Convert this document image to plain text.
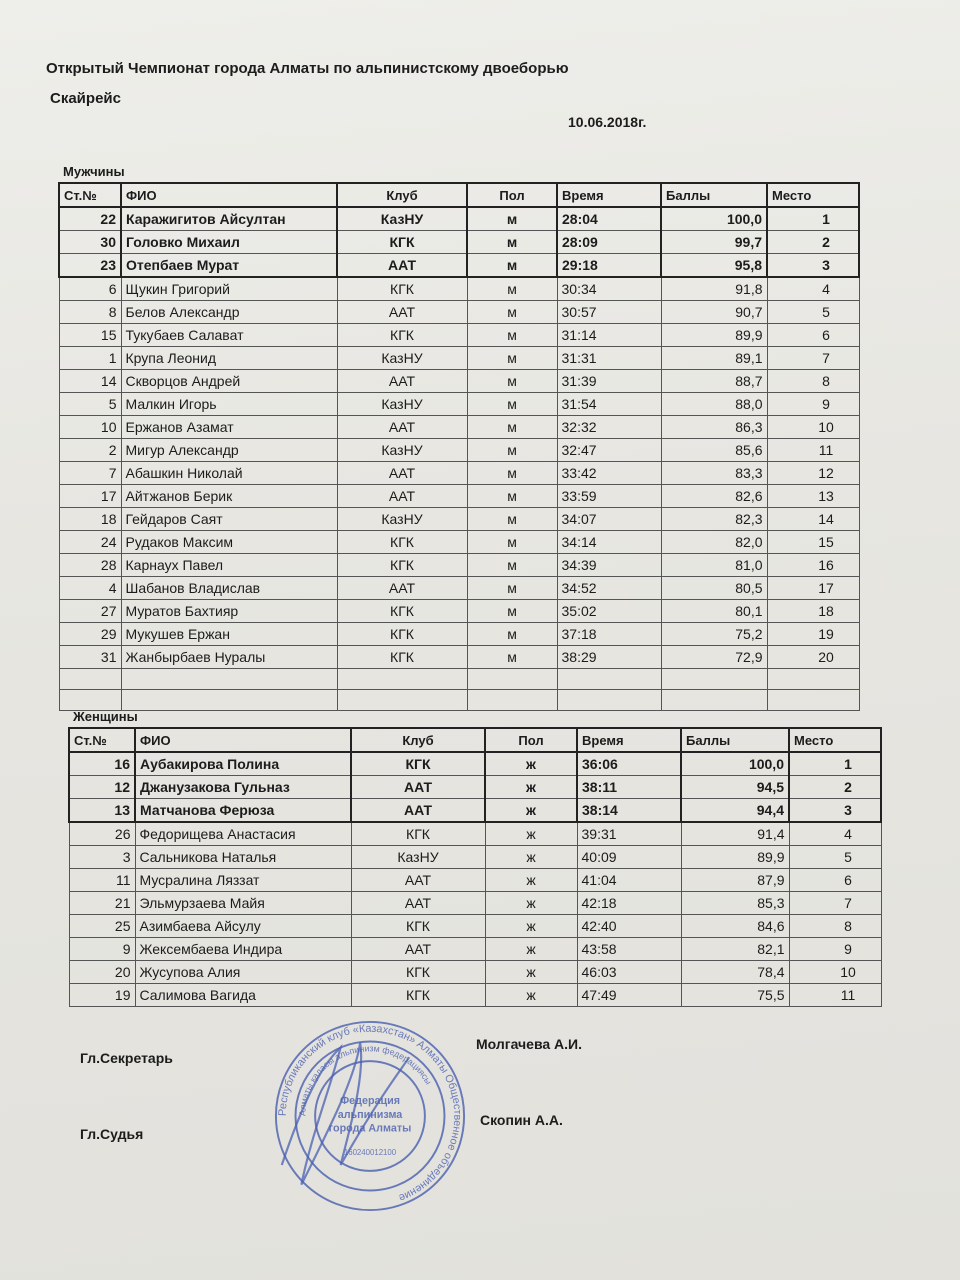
Открытый Чемпионат города Алматы по альпинистскому двоеборью
Скайрейс
10.06.2018г.
Мужчины						
Ст.№	ФИО	Клуб	Пол	Время	Баллы	Место
22	Каражигитов Айсултан	КазНУ	м	28:04	100,0	1
30	Головко Михаил	КГК	м	28:09	99,7	2
23	Отепбаев Мурат	ААТ	м	29:18	95,8	3
6	Щукин Григорий	КГК	м	30:34	91,8	4
8	Белов Александр	ААТ	м	30:57	90,7	5
15	Тукубаев Салават	КГК	м	31:14	89,9	6
1	Крупа Леонид	КазНУ	м	31:31	89,1	7
14	Скворцов Андрей	ААТ	м	31:39	88,7	8
5	Малкин Игорь	КазНУ	м	31:54	88,0	9
10	Ержанов Азамат	ААТ	м	32:32	86,3	10
2	Мигур Александр	КазНУ	м	32:47	85,6	11
7	Абашкин Николай	ААТ	м	33:42	83,3	12
17	Айтжанов Берик	ААТ	м	33:59	82,6	13
18	Гейдаров Саят	КазНУ	м	34:07	82,3	14
24	Рудаков Максим	КГК	м	34:14	82,0	15
28	Карнаух Павел	КГК	м	34:39	81,0	16
4	Шабанов Владислав	ААТ	м	34:52	80,5	17
27	Муратов Бахтияр	КГК	м	35:02	80,1	18
29	Мукушев Ержан	КГК	м	37:18	75,2	19
31	Жанбырбаев Нуралы	КГК	м	38:29	72,9	20

Женщины						
Ст.№	ФИО	Клуб	Пол	Время	Баллы	Место
16	Аубакирова Полина	КГК	ж	36:06	100,0	1
12	Джанузакова Гульназ	ААТ	ж	38:11	94,5	2
13	Матчанова Ферюза	ААТ	ж	38:14	94,4	3
26	Федорищева Анастасия	КГК	ж	39:31	91,4	4
3	Сальникова Наталья	КазНУ	ж	40:09	89,9	5
11	Мусралина Ляззат	ААТ	ж	41:04	87,9	6
21	Эльмурзаева Майя	ААТ	ж	42:18	85,3	7
25	Азимбаева Айсулу	КГК	ж	42:40	84,6	8
9	Жексембаева Индира	ААТ	ж	43:58	82,1	9
20	Жусупова Алия	КГК	ж	46:03	78,4	10
19	Салимова Вагида	КГК	ж	47:49	75,5	11
Гл.Секретарь
Молгачева А.И.
Гл.Судья
Скопин А.А.
Республиканский клуб «Казахстан» Алматы Общественное объединение
Алматы қаласы альпинизм федерациясы
Федерация
альпинизма
города Алматы
160240012100
